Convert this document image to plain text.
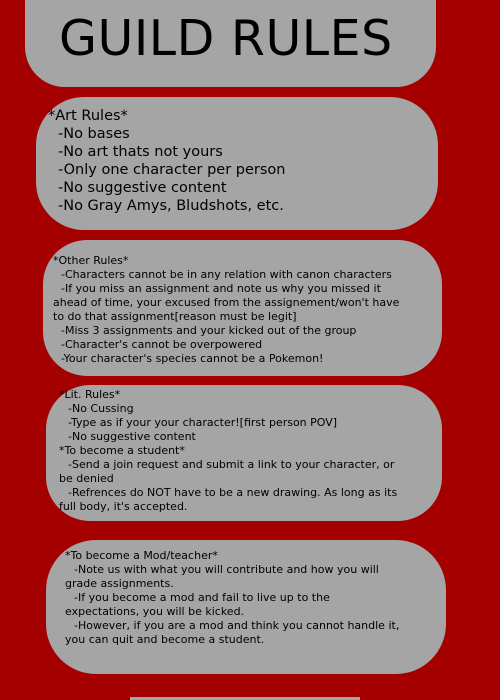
GUILD RULES
*Art Rules*
-No bases
-No art thats not yours
-Only one character per person
-No suggestive content
-No Gray Amys, Bludshots, etc.
*Other Rules*
-Characters cannot be in any relation with canon characters
-If you miss an assignment and note us why you missed it
ahead of time, your excused from the assignement/won't have
to do that assignment[reason must be legit]
-Miss 3 assignments and your kicked out of the group
-Character's cannot be overpowered
-Your character's species cannot be a Pokemon!
*Lit. Rules*
-No Cussing
-Type as if your your character![first person POV]
-No suggestive content
*To become a student*
-Send a join request and submit a link to your character, or
be denied
-Refrences do NOT have to be a new drawing. As long as its
full body, it's accepted.
*To become a Mod/teacher*
-Note us with what you will contribute and how you will
grade assignments.
-If you become a mod and fail to live up to the
expectations, you will be kicked.
-However, if you are a mod and think you cannot handle it,
you can quit and become a student.
